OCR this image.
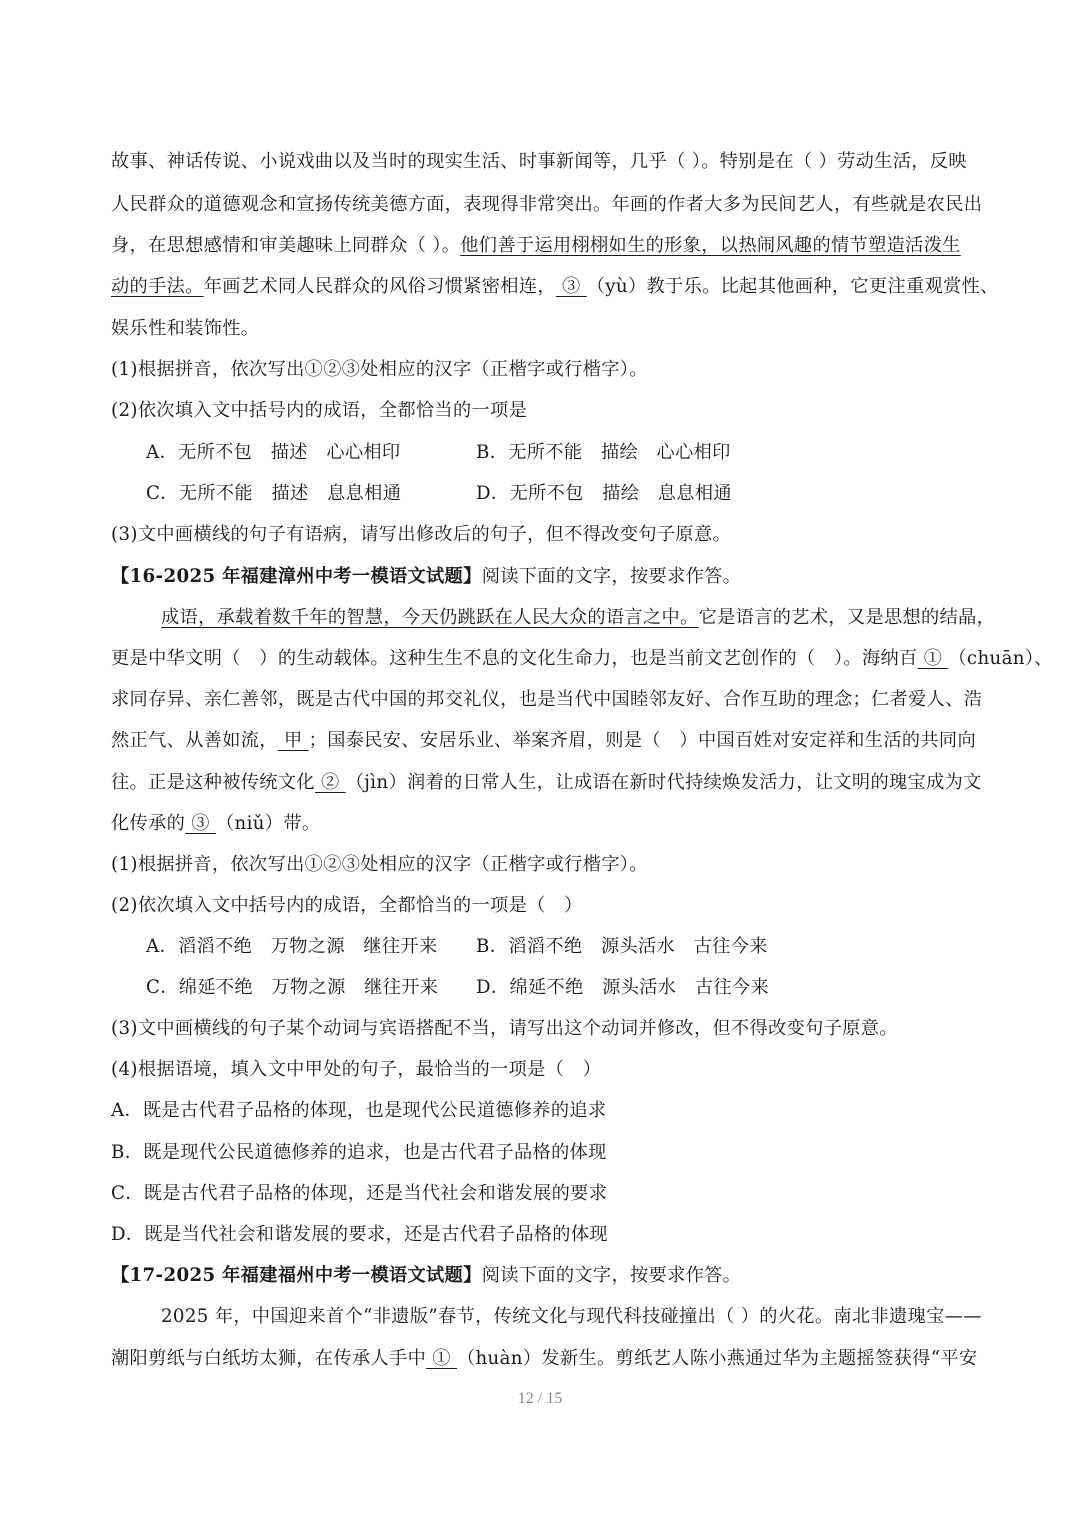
故事、神话传说、小说戏曲以及当时的现实生活、时事新闻等，几乎（ ）。特别是在（ ）劳动生活，反映
人民群众的道德观念和宣扬传统美德方面，表现得非常突出。年画的作者大多为民间艺人，有些就是农民出
身，在思想感情和审美趣味上同群众（ ）。他们善于运用栩栩如生的形象，以热闹风趣的情节塑造活泼生
动的手法。年画艺术同人民群众的风俗习惯紧密相连， ③ （yù）教于乐。比起其他画种，它更注重观赏性、
娱乐性和装饰性。
(1)根据拼音，依次写出①②③处相应的汉字（正楷字或行楷字）。
(2)依次填入文中括号内的成语，全都恰当的一项是
A．无所不包　描述　心心相印	B．无所不能　描绘　心心相印
C．无所不能　描述　息息相通	D．无所不包　描绘　息息相通
(3)文中画横线的句子有语病，请写出修改后的句子，但不得改变句子原意。
【16-2025 年福建漳州中考一模语文试题】阅读下面的文字，按要求作答。
成语，承载着数千年的智慧，今天仍跳跃在人民大众的语言之中。它是语言的艺术，又是思想的结晶，
更是中华文明（　）的生动载体。这种生生不息的文化生命力，也是当前文艺创作的（　）。海纳百 ① （chuān）、
求同存异、亲仁善邻，既是古代中国的邦交礼仪，也是当代中国睦邻友好、合作互助的理念；仁者爱人、浩
然正气、从善如流， 甲 ；国泰民安、安居乐业、举案齐眉，则是（　）中国百姓对安定祥和生活的共同向
往。正是这种被传统文化 ② （jìn）润着的日常人生，让成语在新时代持续焕发活力，让文明的瑰宝成为文
化传承的 ③ （niǔ）带。
(1)根据拼音，依次写出①②③处相应的汉字（正楷字或行楷字）。
(2)依次填入文中括号内的成语，全都恰当的一项是（　）
A．滔滔不绝　万物之源　继往开来 B．滔滔不绝　源头活水　古往今来
C．绵延不绝　万物之源　继往开来 D．绵延不绝　源头活水　古往今来
(3)文中画横线的句子某个动词与宾语搭配不当，请写出这个动词并修改，但不得改变句子原意。
(4)根据语境，填入文中甲处的句子，最恰当的一项是（　）
A．既是古代君子品格的体现，也是现代公民道德修养的追求
B．既是现代公民道德修养的追求，也是古代君子品格的体现
C．既是古代君子品格的体现，还是当代社会和谐发展的要求
D．既是当代社会和谐发展的要求，还是古代君子品格的体现
【17-2025 年福建福州中考一模语文试题】阅读下面的文字，按要求作答。
2025 年，中国迎来首个“非遗版”春节，传统文化与现代科技碰撞出（ ）的火花。南北非遗瑰宝——
潮阳剪纸与白纸坊太狮，在传承人手中 ① （huàn）发新生。剪纸艺人陈小燕通过华为主题摇签获得“平安
12 / 15
